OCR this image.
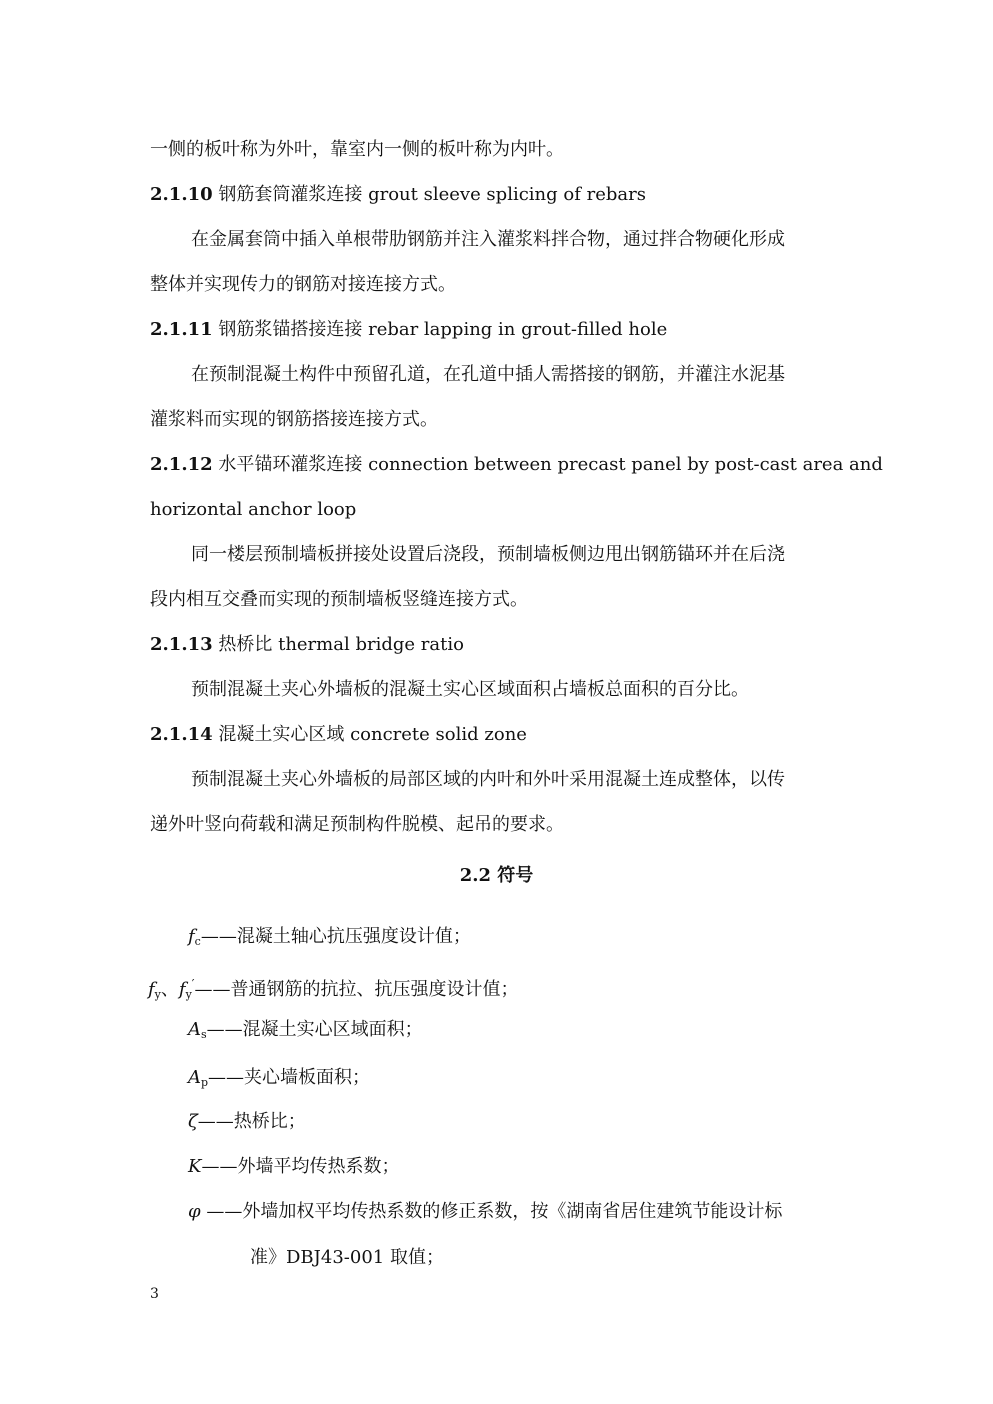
一侧的板叶称为外叶，靠室内一侧的板叶称为内叶。
2.1.10 钢筋套筒灌浆连接 grout sleeve splicing of rebars
在金属套筒中插入单根带肋钢筋并注入灌浆料拌合物，通过拌合物硬化形成
整体并实现传力的钢筋对接连接方式。
2.1.11 钢筋浆锚搭接连接 rebar lapping in grout-filled hole
在预制混凝土构件中预留孔道，在孔道中插人需搭接的钢筋，并灌注水泥基
灌浆料而实现的钢筋搭接连接方式。
2.1.12 水平锚环灌浆连接 connection between precast panel by post-cast area and
horizontal anchor loop
同一楼层预制墙板拼接处设置后浇段，预制墙板侧边甩出钢筋锚环并在后浇
段内相互交叠而实现的预制墙板竖缝连接方式。
2.1.13 热桥比 thermal bridge ratio
预制混凝土夹心外墙板的混凝土实心区域面积占墙板总面积的百分比。
2.1.14 混凝土实心区域 concrete solid zone
预制混凝土夹心外墙板的局部区域的内叶和外叶采用混凝土连成整体，以传
递外叶竖向荷载和满足预制构件脱模、起吊的要求。
2.2 符号
$f_c——$混凝土轴心抗压强度设计值；
$f_y$、$f_y'——$普通钢筋的抗拉、抗压强度设计值；
$A_s——$混凝土实心区域面积；
$A_p——$夹心墙板面积；
ζ——热桥比；
K——外墙平均传热系数；
φ ——外墙加权平均传热系数的修正系数，按《湖南省居住建筑节能设计标
准》DBJ43-001 取值；
3
